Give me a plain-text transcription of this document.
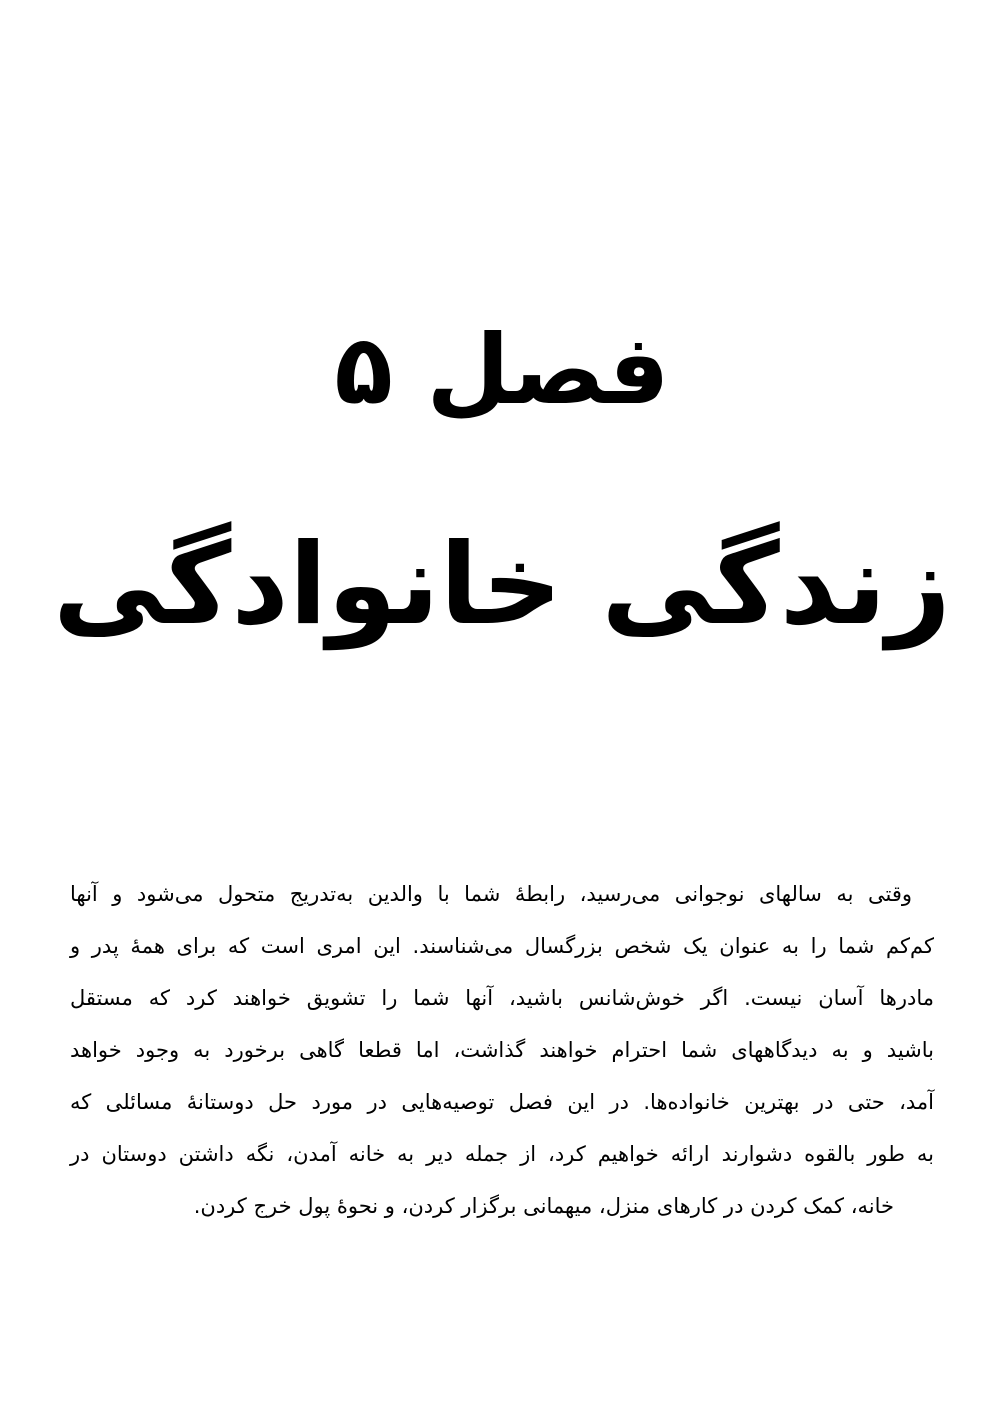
فصل ۵
زندگی خانوادگی
وقتی به سالهای نوجوانی می‌رسید، رابطهٔ شما با والدین به‌تدریج متحول می‌شود و آنها
کم‌کم شما را به عنوان یک شخص بزرگسال می‌شناسند. این امری است که برای همهٔ پدر و
مادرها آسان نیست. اگر خوش‌شانس باشید، آنها شما را تشویق خواهند کرد که مستقل
باشید و به دیدگاههای شما احترام خواهند گذاشت، اما قطعا گاهی برخورد به وجود خواهد
آمد، حتی در بهترین خانواده‌ها. در این فصل توصیه‌هایی در مورد حل دوستانهٔ مسائلی که
به طور بالقوه دشوارند ارائه خواهیم کرد، از جمله دیر به خانه آمدن، نگه داشتن دوستان در
خانه، کمک کردن در کارهای منزل، میهمانی برگزار کردن، و نحوهٔ پول خرج کردن.
